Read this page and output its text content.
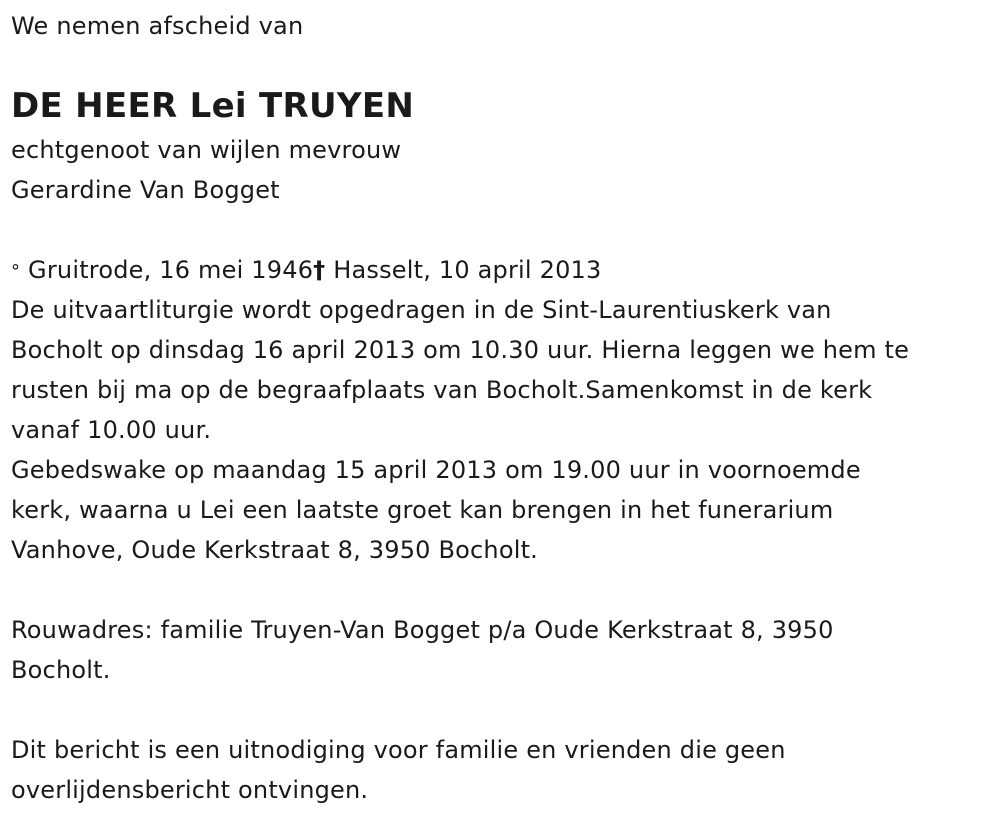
We nemen afscheid van
DE HEER Lei TRUYEN
echtgenoot van wijlen mevrouw
Gerardine Van Bogget
° Gruitrode, 16 mei 1946† Hasselt, 10 april 2013
De uitvaartliturgie wordt opgedragen in de Sint-Laurentiuskerk van
Bocholt op dinsdag 16 april 2013 om 10.30 uur. Hierna leggen we hem te
rusten bij ma op de begraafplaats van Bocholt.Samenkomst in de kerk
vanaf 10.00 uur.
Gebedswake op maandag 15 april 2013 om 19.00 uur in voornoemde
kerk, waarna u Lei een laatste groet kan brengen in het funerarium
Vanhove, Oude Kerkstraat 8, 3950 Bocholt.
Rouwadres: familie Truyen-Van Bogget p/a Oude Kerkstraat 8, 3950
Bocholt.
Dit bericht is een uitnodiging voor familie en vrienden die geen
overlijdensbericht ontvingen.
